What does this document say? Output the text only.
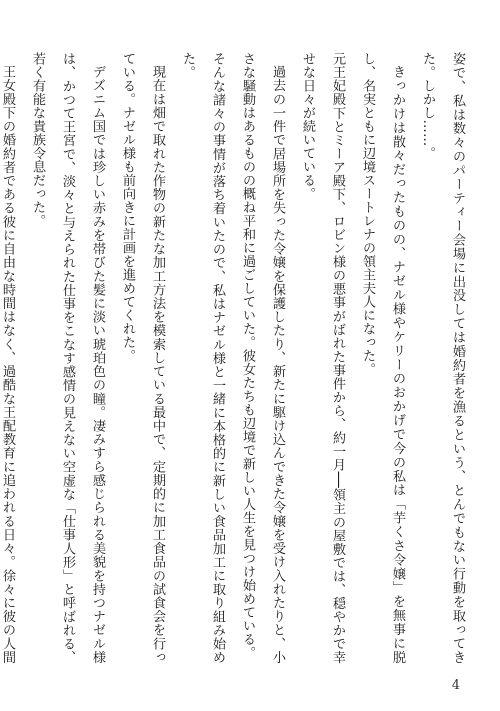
姿で、私は数々のパーティー会場に出没しては婚約者を漁るという、とんでもない行動を取ってきた。しかし……。

きっかけは散々だったものの、ナゼル様やケリーのおかげで今の私は「芋くさ令嬢」を無事に脱し、名実ともに辺境スートレナの領主夫人になった。

元王妃殿下とミーア殿下、ロビン様の悪事がばれた事件から、約一月──領主の屋敷では、穏やかで幸せな日々が続いている。

過去の一件で居場所を失った令嬢を保護したり、新たに駆け込んできた令嬢を受け入れたりと、小さな騒動はあるものの概ね平和に過ごしていた。彼女たちも辺境で新しい人生を見つけ始めている。

そんな諸々の事情が落ち着いたので、私はナゼル様と一緒に本格的に新しい食品加工に取り組み始めた。

現在は畑で取れた作物の新たな加工方法を模索している最中で、定期的に加工食品の試食会を行っている。ナゼル様も前向きに計画を進めてくれた。

デズニム国では珍しい赤みを帯びた髪に淡い琥珀色の瞳。凄みすら感じられる美貌を持つナゼル様は、かつて王宮で、淡々と与えられた仕事をこなす感情の見えない空虚な「仕事人形」と呼ばれる、若く有能な貴族令息だった。

王女殿下の婚約者である彼に自由な時間はなく、過酷な王配教育に追われる日々。徐々に彼の人間

4
